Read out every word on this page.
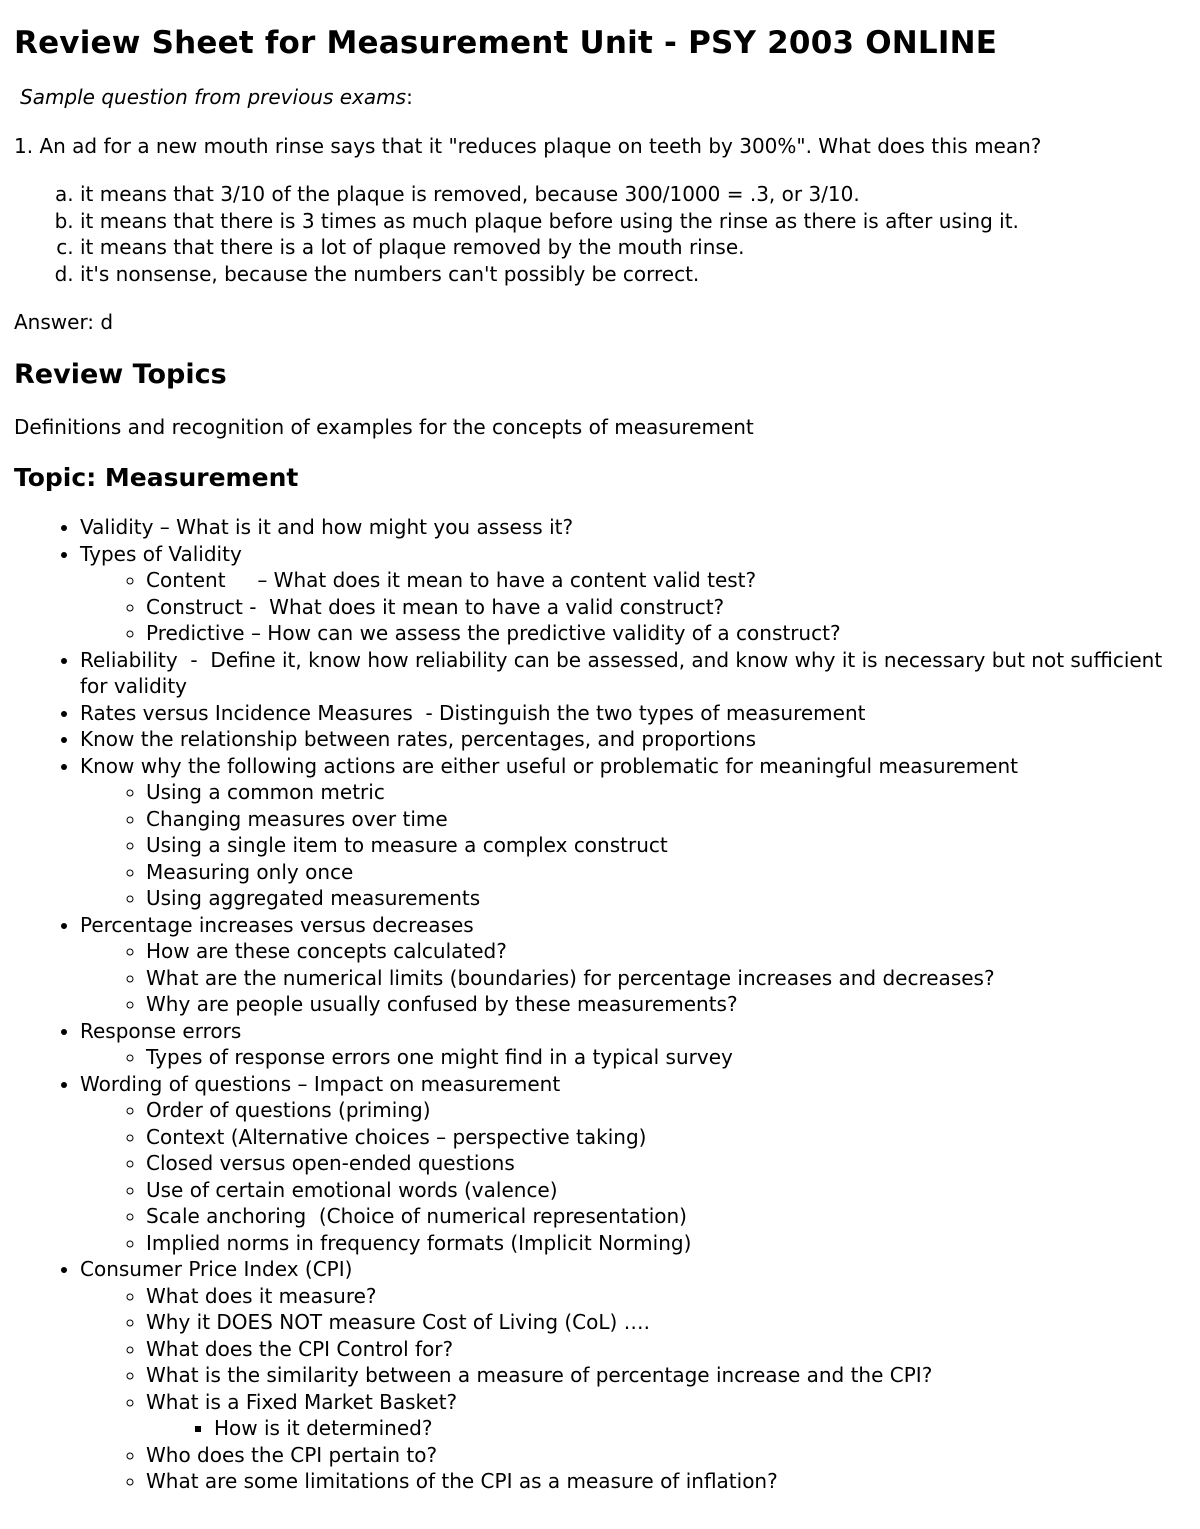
Review Sheet for Measurement Unit - PSY 2003 ONLINE

Sample question from previous exams:

1. An ad for a new mouth rinse says that it "reduces plaque on teeth by 300%". What does this mean?

a. it means that 3/10 of the plaque is removed, because 300/1000 = .3, or 3/10.
b. it means that there is 3 times as much plaque before using the rinse as there is after using it.
c. it means that there is a lot of plaque removed by the mouth rinse.
d. it's nonsense, because the numbers can't possibly be correct.

Answer: d

Review Topics

Definitions and recognition of examples for the concepts of measurement

Topic: Measurement
• Validity – What is it and how might you assess it?
• Types of Validity
◦ Content     – What does it mean to have a content valid test?
◦ Construct -  What does it mean to have a valid construct?
◦ Predictive – How can we assess the predictive validity of a construct?
• Reliability  -  Define it, know how reliability can be assessed, and know why it is necessary but not sufficient for validity
• Rates versus Incidence Measures  - Distinguish the two types of measurement
• Know the relationship between rates, percentages, and proportions
• Know why the following actions are either useful or problematic for meaningful measurement
◦ Using a common metric
◦ Changing measures over time
◦ Using a single item to measure a complex construct
◦ Measuring only once
◦ Using aggregated measurements
• Percentage increases versus decreases
◦ How are these concepts calculated?
◦ What are the numerical limits (boundaries) for percentage increases and decreases?
◦ Why are people usually confused by these measurements?
• Response errors
◦ Types of response errors one might find in a typical survey
• Wording of questions – Impact on measurement
◦ Order of questions (priming)
◦ Context (Alternative choices – perspective taking)
◦ Closed versus open-ended questions
◦ Use of certain emotional words (valence)
◦ Scale anchoring  (Choice of numerical representation)
◦ Implied norms in frequency formats (Implicit Norming)
• Consumer Price Index (CPI)
◦ What does it measure?
◦ Why it DOES NOT measure Cost of Living (CoL) ….
◦ What does the CPI Control for?
◦ What is the similarity between a measure of percentage increase and the CPI?
◦ What is a Fixed Market Basket?
▪ How is it determined?
◦ Who does the CPI pertain to?
◦ What are some limitations of the CPI as a measure of inflation?
